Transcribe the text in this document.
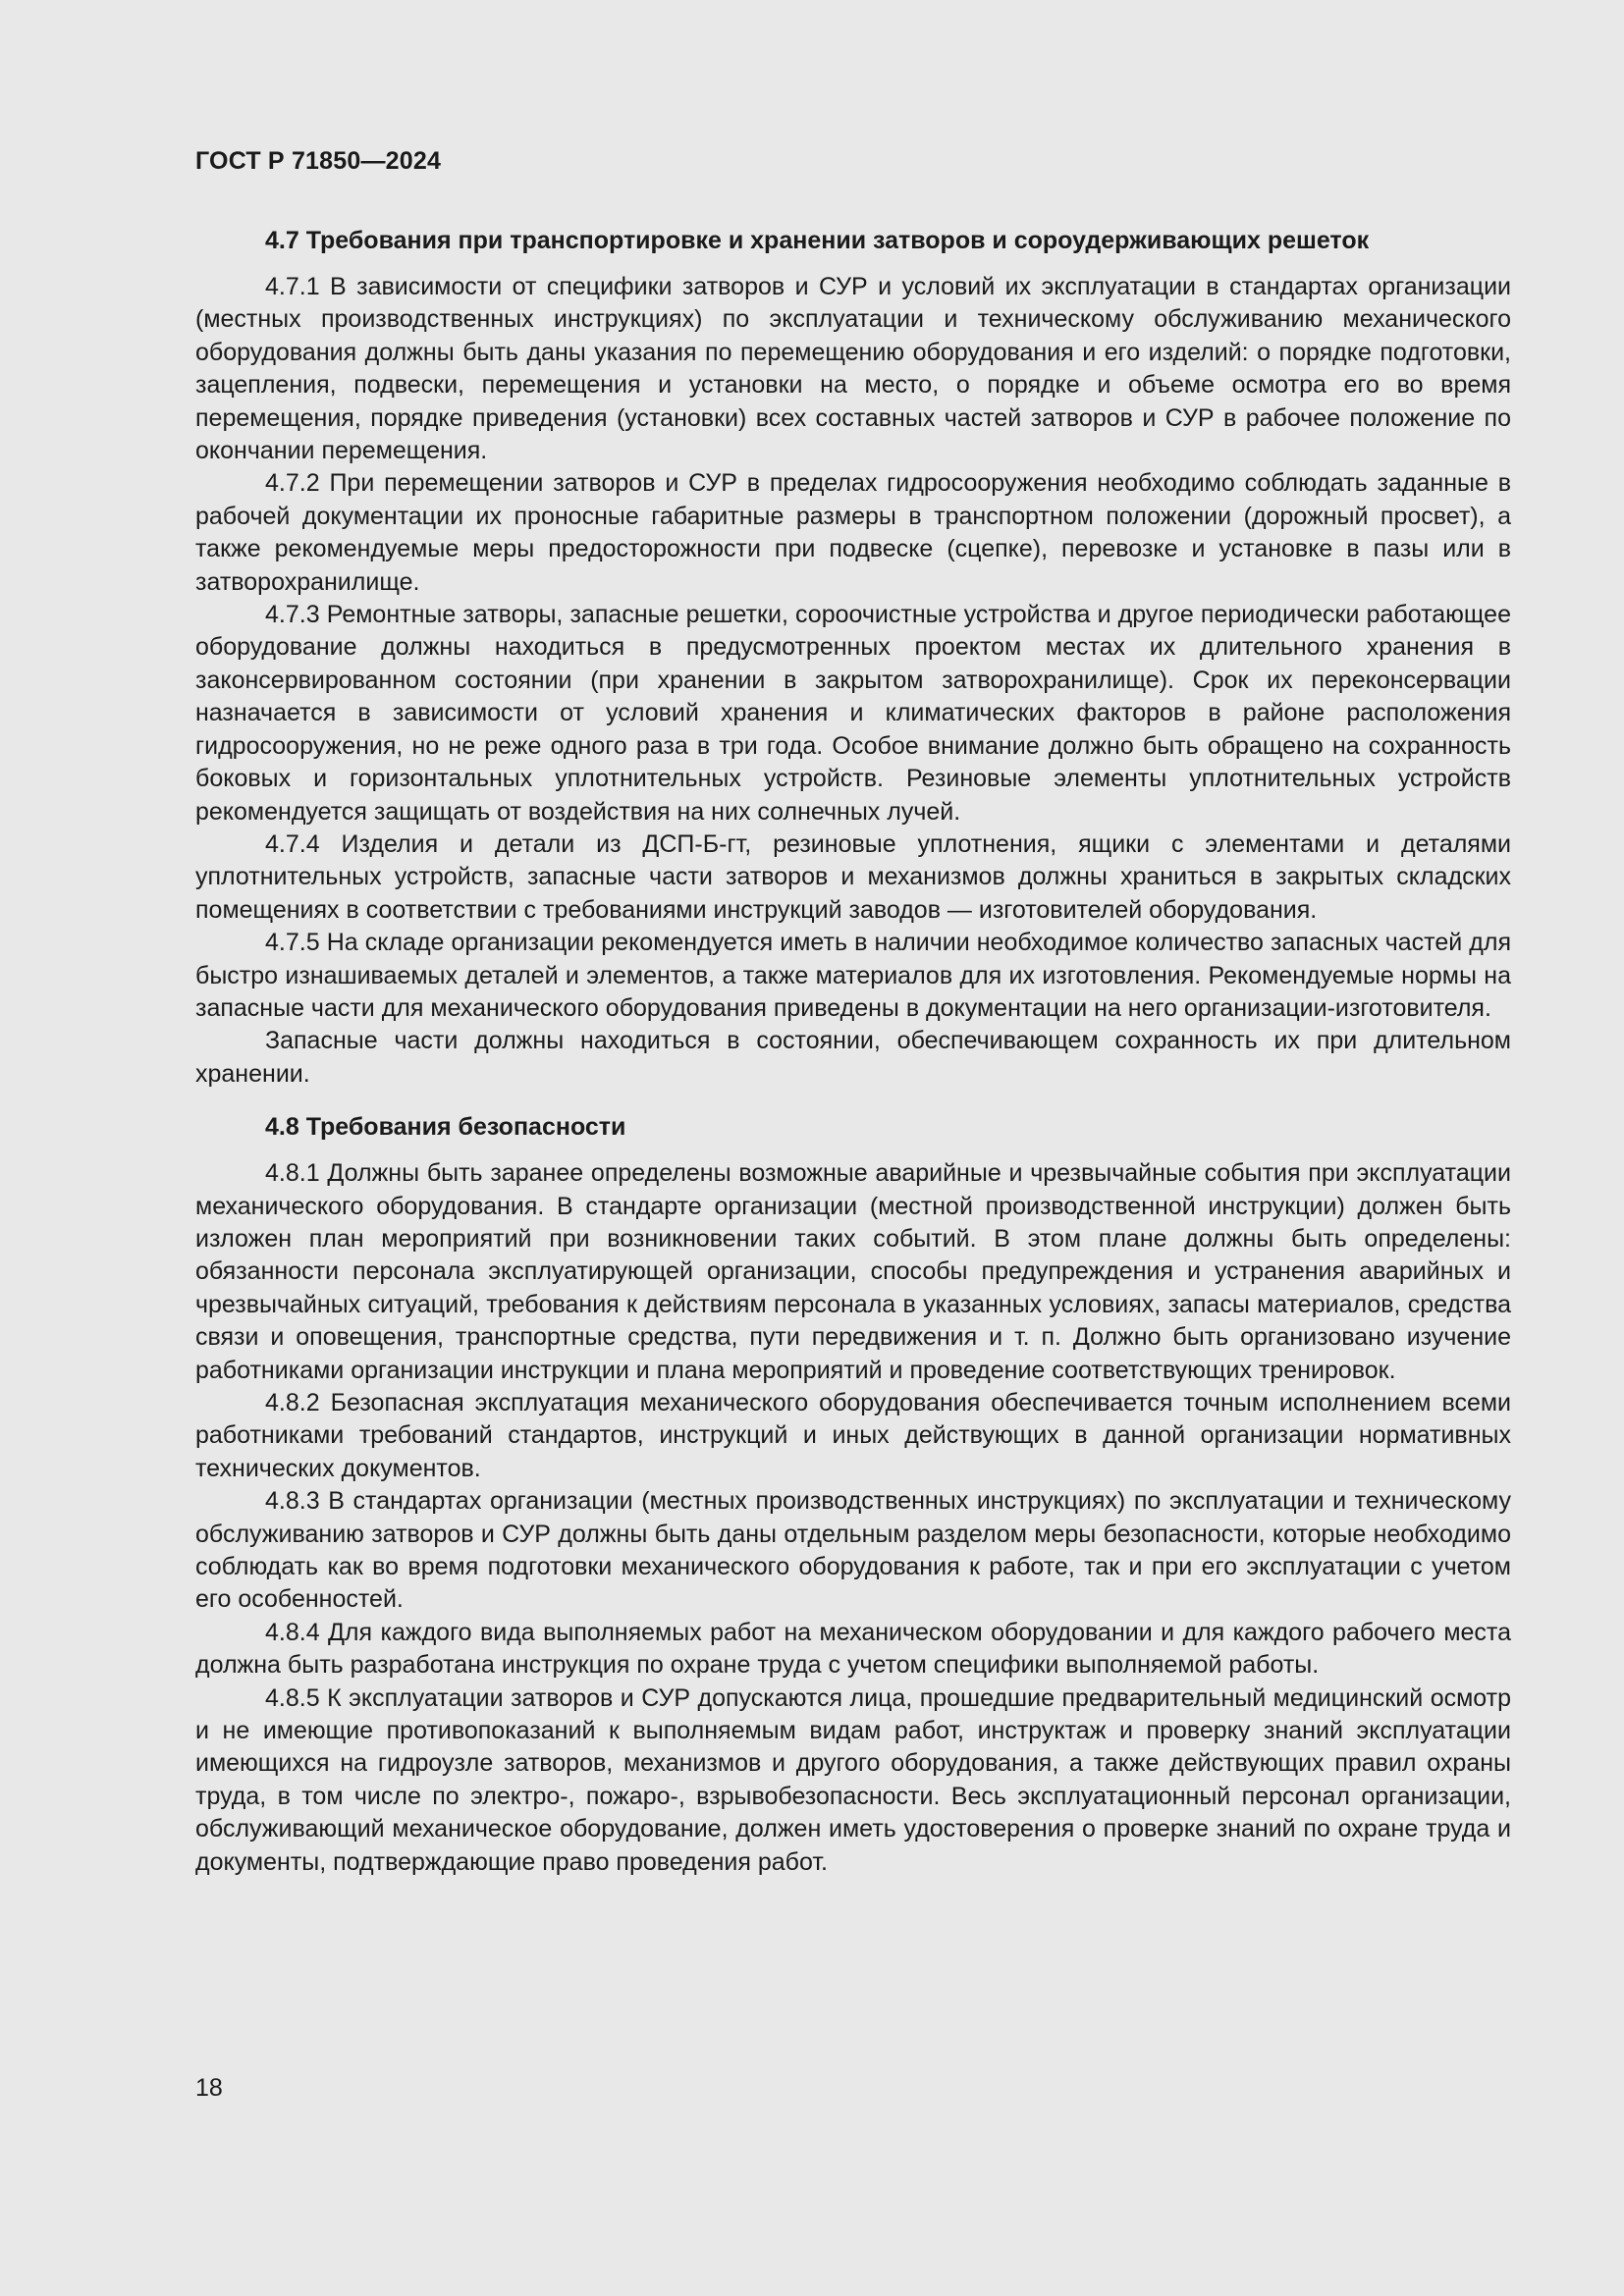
ГОСТ Р 71850—2024
4.7 Требования при транспортировке и хранении затворов и сороудерживающих решеток

4.7.1 В зависимости от специфики затворов и СУР и условий их эксплуатации в стандартах организации (местных производственных инструкциях) по эксплуатации и техническому обслуживанию механического оборудования должны быть даны указания по перемещению оборудования и его изделий: о порядке подготовки, зацепления, подвески, перемещения и установки на место, о порядке и объеме осмотра его во время перемещения, порядке приведения (установки) всех составных частей затворов и СУР в рабочее положение по окончании перемещения.

4.7.2 При перемещении затворов и СУР в пределах гидросооружения необходимо соблюдать заданные в рабочей документации их проносные габаритные размеры в транспортном положении (дорожный просвет), а также рекомендуемые меры предосторожности при подвеске (сцепке), перевозке и установке в пазы или в затворохранилище.

4.7.3 Ремонтные затворы, запасные решетки, сороочистные устройства и другое периодически работающее оборудование должны находиться в предусмотренных проектом местах их длительного хранения в законсервированном состоянии (при хранении в закрытом затворохранилище). Срок их переконсервации назначается в зависимости от условий хранения и климатических факторов в районе расположения гидросооружения, но не реже одного раза в три года. Особое внимание должно быть обращено на сохранность боковых и горизонтальных уплотнительных устройств. Резиновые элементы уплотнительных устройств рекомендуется защищать от воздействия на них солнечных лучей.

4.7.4 Изделия и детали из ДСП-Б-гт, резиновые уплотнения, ящики с элементами и деталями уплотнительных устройств, запасные части затворов и механизмов должны храниться в закрытых складских помещениях в соответствии с требованиями инструкций заводов — изготовителей оборудования.

4.7.5 На складе организации рекомендуется иметь в наличии необходимое количество запасных частей для быстро изнашиваемых деталей и элементов, а также материалов для их изготовления. Рекомендуемые нормы на запасные части для механического оборудования приведены в документации на него организации-изготовителя.

Запасные части должны находиться в состоянии, обеспечивающем сохранность их при длительном хранении.

4.8 Требования безопасности

4.8.1 Должны быть заранее определены возможные аварийные и чрезвычайные события при эксплуатации механического оборудования. В стандарте организации (местной производственной инструкции) должен быть изложен план мероприятий при возникновении таких событий. В этом плане должны быть определены: обязанности персонала эксплуатирующей организации, способы предупреждения и устранения аварийных и чрезвычайных ситуаций, требования к действиям персонала в указанных условиях, запасы материалов, средства связи и оповещения, транспортные средства, пути передвижения и т. п. Должно быть организовано изучение работниками организации инструкции и плана мероприятий и проведение соответствующих тренировок.

4.8.2 Безопасная эксплуатация механического оборудования обеспечивается точным исполнением всеми работниками требований стандартов, инструкций и иных действующих в данной организации нормативных технических документов.

4.8.3 В стандартах организации (местных производственных инструкциях) по эксплуатации и техническому обслуживанию затворов и СУР должны быть даны отдельным разделом меры безопасности, которые необходимо соблюдать как во время подготовки механического оборудования к работе, так и при его эксплуатации с учетом его особенностей.

4.8.4 Для каждого вида выполняемых работ на механическом оборудовании и для каждого рабочего места должна быть разработана инструкция по охране труда с учетом специфики выполняемой работы.

4.8.5 К эксплуатации затворов и СУР допускаются лица, прошедшие предварительный медицинский осмотр и не имеющие противопоказаний к выполняемым видам работ, инструктаж и проверку знаний эксплуатации имеющихся на гидроузле затворов, механизмов и другого оборудования, а также действующих правил охраны труда, в том числе по электро-, пожаро-, взрывобезопасности. Весь эксплуатационный персонал организации, обслуживающий механическое оборудование, должен иметь удостоверения о проверке знаний по охране труда и документы, подтверждающие право проведения работ.

18
